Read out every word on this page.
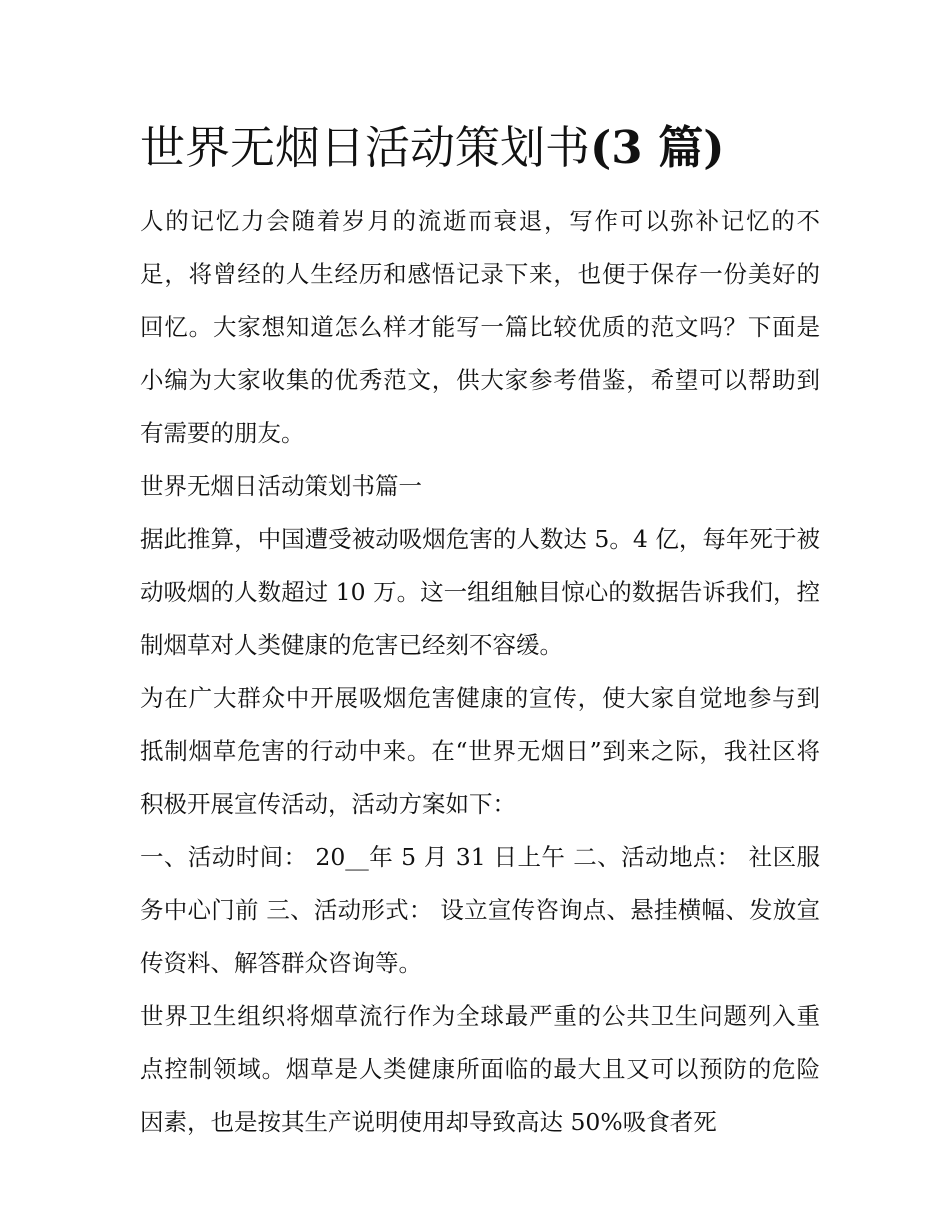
世界无烟日活动策划书(3 篇)

人的记忆力会随着岁月的流逝而衰退，写作可以弥补记忆的不足，将曾经的人生经历和感悟记录下来，也便于保存一份美好的回忆。大家想知道怎么样才能写一篇比较优质的范文吗？下面是小编为大家收集的优秀范文，供大家参考借鉴，希望可以帮助到有需要的朋友。

世界无烟日活动策划书篇一

据此推算，中国遭受被动吸烟危害的人数达 5。4 亿，每年死于被动吸烟的人数超过 10 万。这一组组触目惊心的数据告诉我们，控制烟草对人类健康的危害已经刻不容缓。

为在广大群众中开展吸烟危害健康的宣传，使大家自觉地参与到抵制烟草危害的行动中来。在“世界无烟日”到来之际，我社区将积极开展宣传活动，活动方案如下：

一、活动时间： 20__年 5 月 31 日上午 二、活动地点： 社区服务中心门前 三、活动形式： 设立宣传咨询点、悬挂横幅、发放宣传资料、解答群众咨询等。

世界卫生组织将烟草流行作为全球最严重的公共卫生问题列入重点控制领域。烟草是人类健康所面临的最大且又可以预防的危险因素，也是按其生产说明使用却导致高达 50%吸食者死
